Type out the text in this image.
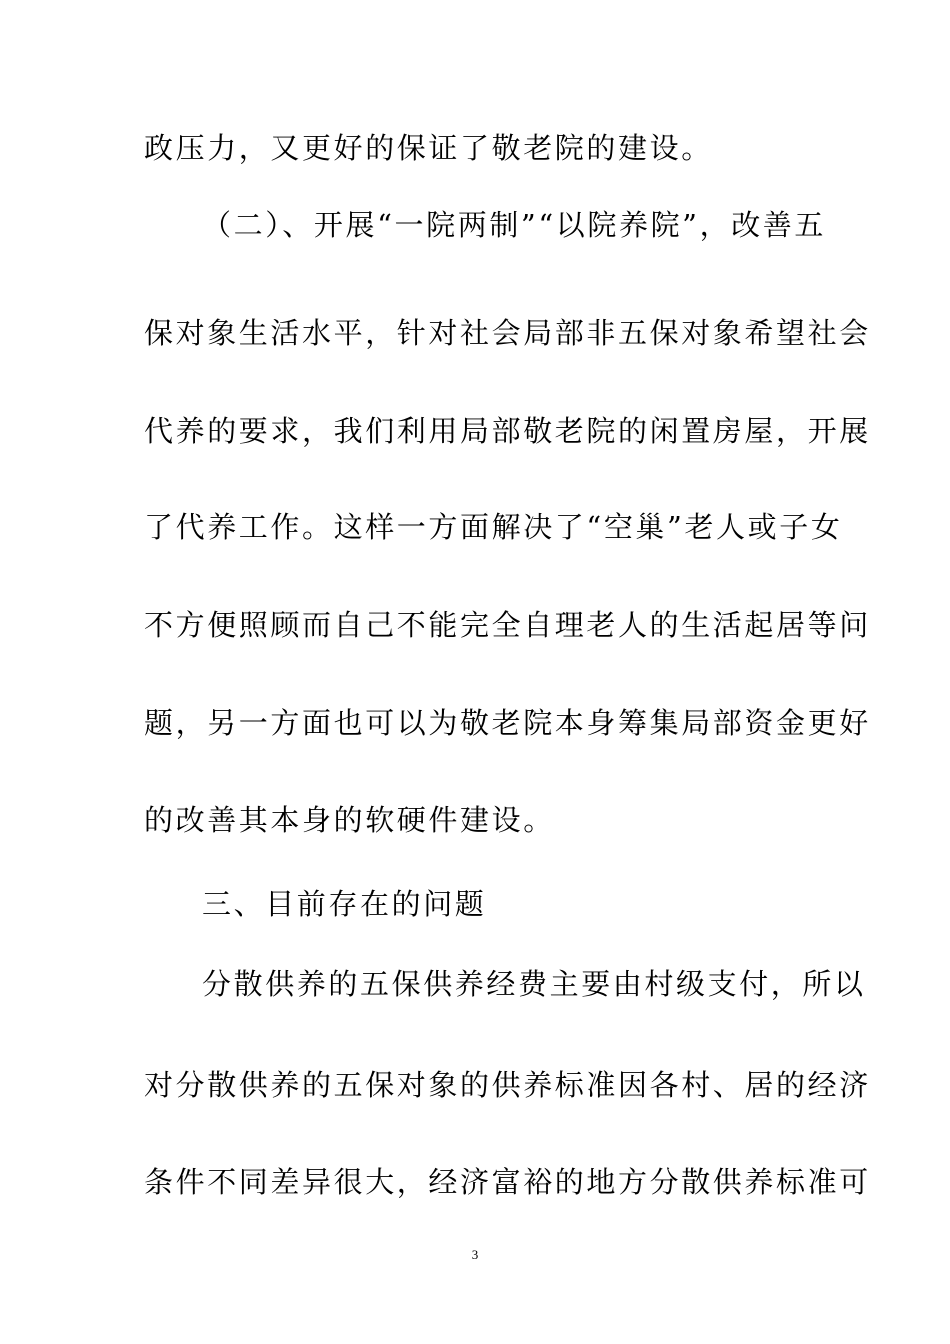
政压力，又更好的保证了敬老院的建设。
（二）、开展“一院两制”“以院养院”，改善五
保对象生活水平，针对社会局部非五保对象希望社会
代养的要求，我们利用局部敬老院的闲置房屋，开展
了代养工作。这样一方面解决了“空巢”老人或子女
不方便照顾而自己不能完全自理老人的生活起居等问
题，另一方面也可以为敬老院本身筹集局部资金更好
的改善其本身的软硬件建设。
三、目前存在的问题
分散供养的五保供养经费主要由村级支付，所以
对分散供养的五保对象的供养标准因各村、居的经济
条件不同差异很大，经济富裕的地方分散供养标准可
3
